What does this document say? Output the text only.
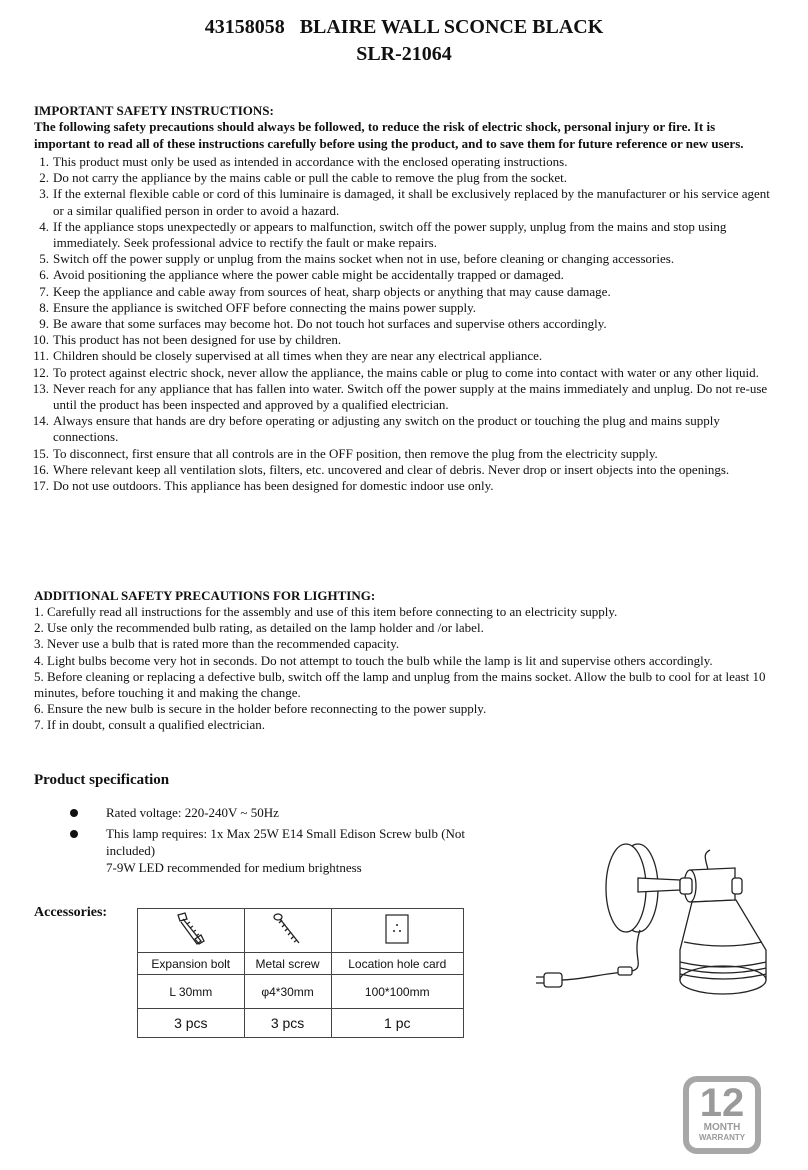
43158058   BLAIRE WALL SCONCE BLACK
SLR-21064
IMPORTANT SAFETY INSTRUCTIONS:
The following safety precautions should always be followed, to reduce the risk of electric shock, personal injury or fire. It is important to read all of these instructions carefully before using the product, and to save them for future reference or new users.
1. This product must only be used as intended in accordance with the enclosed operating instructions.
2. Do not carry the appliance by the mains cable or pull the cable to remove the plug from the socket.
3. If the external flexible cable or cord of this luminaire is damaged, it shall be exclusively replaced by the manufacturer or his service agent or a similar qualified person in order to avoid a hazard.
4. If the appliance stops unexpectedly or appears to malfunction, switch off the power supply, unplug from the mains and stop using immediately. Seek professional advice to rectify the fault or make repairs.
5. Switch off the power supply or unplug from the mains socket when not in use, before cleaning or changing accessories.
6. Avoid positioning the appliance where the power cable might be accidentally trapped or damaged.
7. Keep the appliance and cable away from sources of heat, sharp objects or anything that may cause damage.
8. Ensure the appliance is switched OFF before connecting the mains power supply.
9. Be aware that some surfaces may become hot. Do not touch hot surfaces and supervise others accordingly.
10. This product has not been designed for use by children.
11. Children should be closely supervised at all times when they are near any electrical appliance.
12. To protect against electric shock, never allow the appliance, the mains cable or plug to come into contact with water or any other liquid.
13. Never reach for any appliance that has fallen into water. Switch off the power supply at the mains immediately and unplug. Do not re-use until the product has been inspected and approved by a qualified electrician.
14. Always ensure that hands are dry before operating or adjusting any switch on the product or touching the plug and mains supply connections.
15. To disconnect, first ensure that all controls are in the OFF position, then remove the plug from the electricity supply.
16. Where relevant keep all ventilation slots, filters, etc. uncovered and clear of debris. Never drop or insert objects into the openings.
17. Do not use outdoors. This appliance has been designed for domestic indoor use only.
ADDITIONAL SAFETY PRECAUTIONS FOR LIGHTING:

1. Carefully read all instructions for the assembly and use of this item before connecting to an electricity supply.

2. Use only the recommended bulb rating, as detailed on the lamp holder and /or label.

3. Never use a bulb that is rated more than the recommended capacity.

4. Light bulbs become very hot in seconds. Do not attempt to touch the bulb while the lamp is lit and supervise others accordingly.

5. Before cleaning or replacing a defective bulb, switch off the lamp and unplug from the mains socket. Allow the bulb to cool for at least 10 minutes, before touching it and making the change.

6. Ensure the new bulb is secure in the holder before reconnecting to the power supply.

7. If in doubt, consult a qualified electrician.

Product specification
Rated voltage: 220-240V ~ 50Hz
This lamp requires: 1x Max 25W E14 Small Edison Screw bulb (Not included)
7-9W LED recommended for medium brightness
Accessories:

Expansion bolt	Metal screw	Location hole card
L 30mm	φ4*30mm	100*100mm
3 pcs	3 pcs	1 pc
12
MONTH
WARRANTY
